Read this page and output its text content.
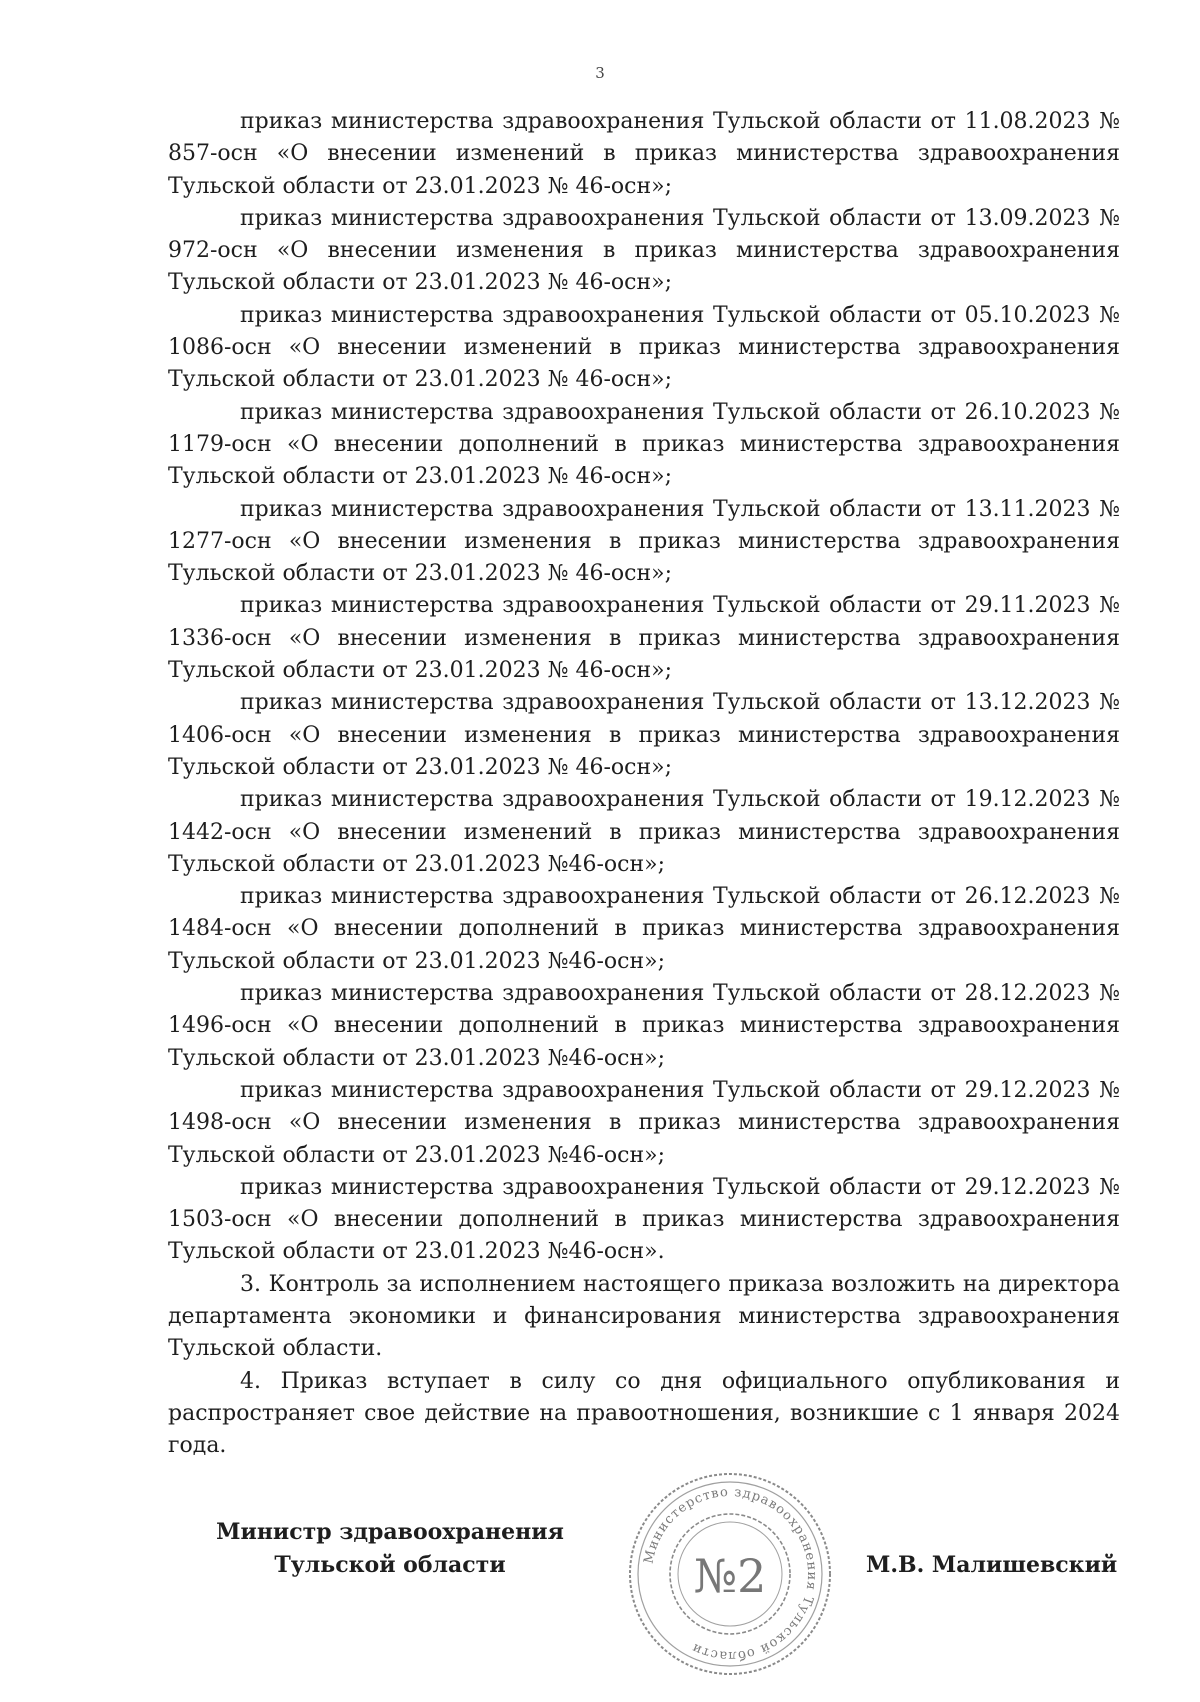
3

приказ министерства здравоохранения Тульской области от 11.08.2023 № 857-осн «О внесении изменений в приказ министерства здравоохранения Тульской области от 23.01.2023 № 46-осн»;

приказ министерства здравоохранения Тульской области от 13.09.2023 № 972-осн «О внесении изменения в приказ министерства здравоохранения Тульской области от 23.01.2023 № 46-осн»;

приказ министерства здравоохранения Тульской области от 05.10.2023 № 1086-осн «О внесении изменений в приказ министерства здравоохранения Тульской области от 23.01.2023 № 46-осн»;

приказ министерства здравоохранения Тульской области от 26.10.2023 № 1179-осн «О внесении дополнений в приказ министерства здравоохранения Тульской области от 23.01.2023 № 46-осн»;

приказ министерства здравоохранения Тульской области от 13.11.2023 № 1277-осн «О внесении изменения в приказ министерства здравоохранения Тульской области от 23.01.2023 № 46-осн»;

приказ министерства здравоохранения Тульской области от 29.11.2023 № 1336-осн «О внесении изменения в приказ министерства здравоохранения Тульской области от 23.01.2023 № 46-осн»;

приказ министерства здравоохранения Тульской области от 13.12.2023 № 1406-осн «О внесении изменения в приказ министерства здравоохранения Тульской области от 23.01.2023 № 46-осн»;

приказ министерства здравоохранения Тульской области от 19.12.2023 № 1442-осн «О внесении изменений в приказ министерства здравоохранения Тульской области от 23.01.2023 №46-осн»;

приказ министерства здравоохранения Тульской области от 26.12.2023 № 1484-осн «О внесении дополнений в приказ министерства здравоохранения Тульской области от 23.01.2023 №46-осн»;

приказ министерства здравоохранения Тульской области от 28.12.2023 № 1496-осн «О внесении дополнений в приказ министерства здравоохранения Тульской области от 23.01.2023 №46-осн»;

приказ министерства здравоохранения Тульской области от 29.12.2023 № 1498-осн «О внесении изменения в приказ министерства здравоохранения Тульской области от 23.01.2023 №46-осн»;

приказ министерства здравоохранения Тульской области от 29.12.2023 № 1503-осн «О внесении дополнений в приказ министерства здравоохранения Тульской области от 23.01.2023 №46-осн».

3. Контроль за исполнением настоящего приказа возложить на директора департамента экономики и финансирования министерства здравоохранения Тульской области.

4. Приказ вступает в силу со дня официального опубликования и распространяет свое действие на правоотношения, возникшие с 1 января 2024 года.

Министр здравоохранения
Тульской области	Министерство здравоохранения Тульской области
№2	М.В. Малишевский
